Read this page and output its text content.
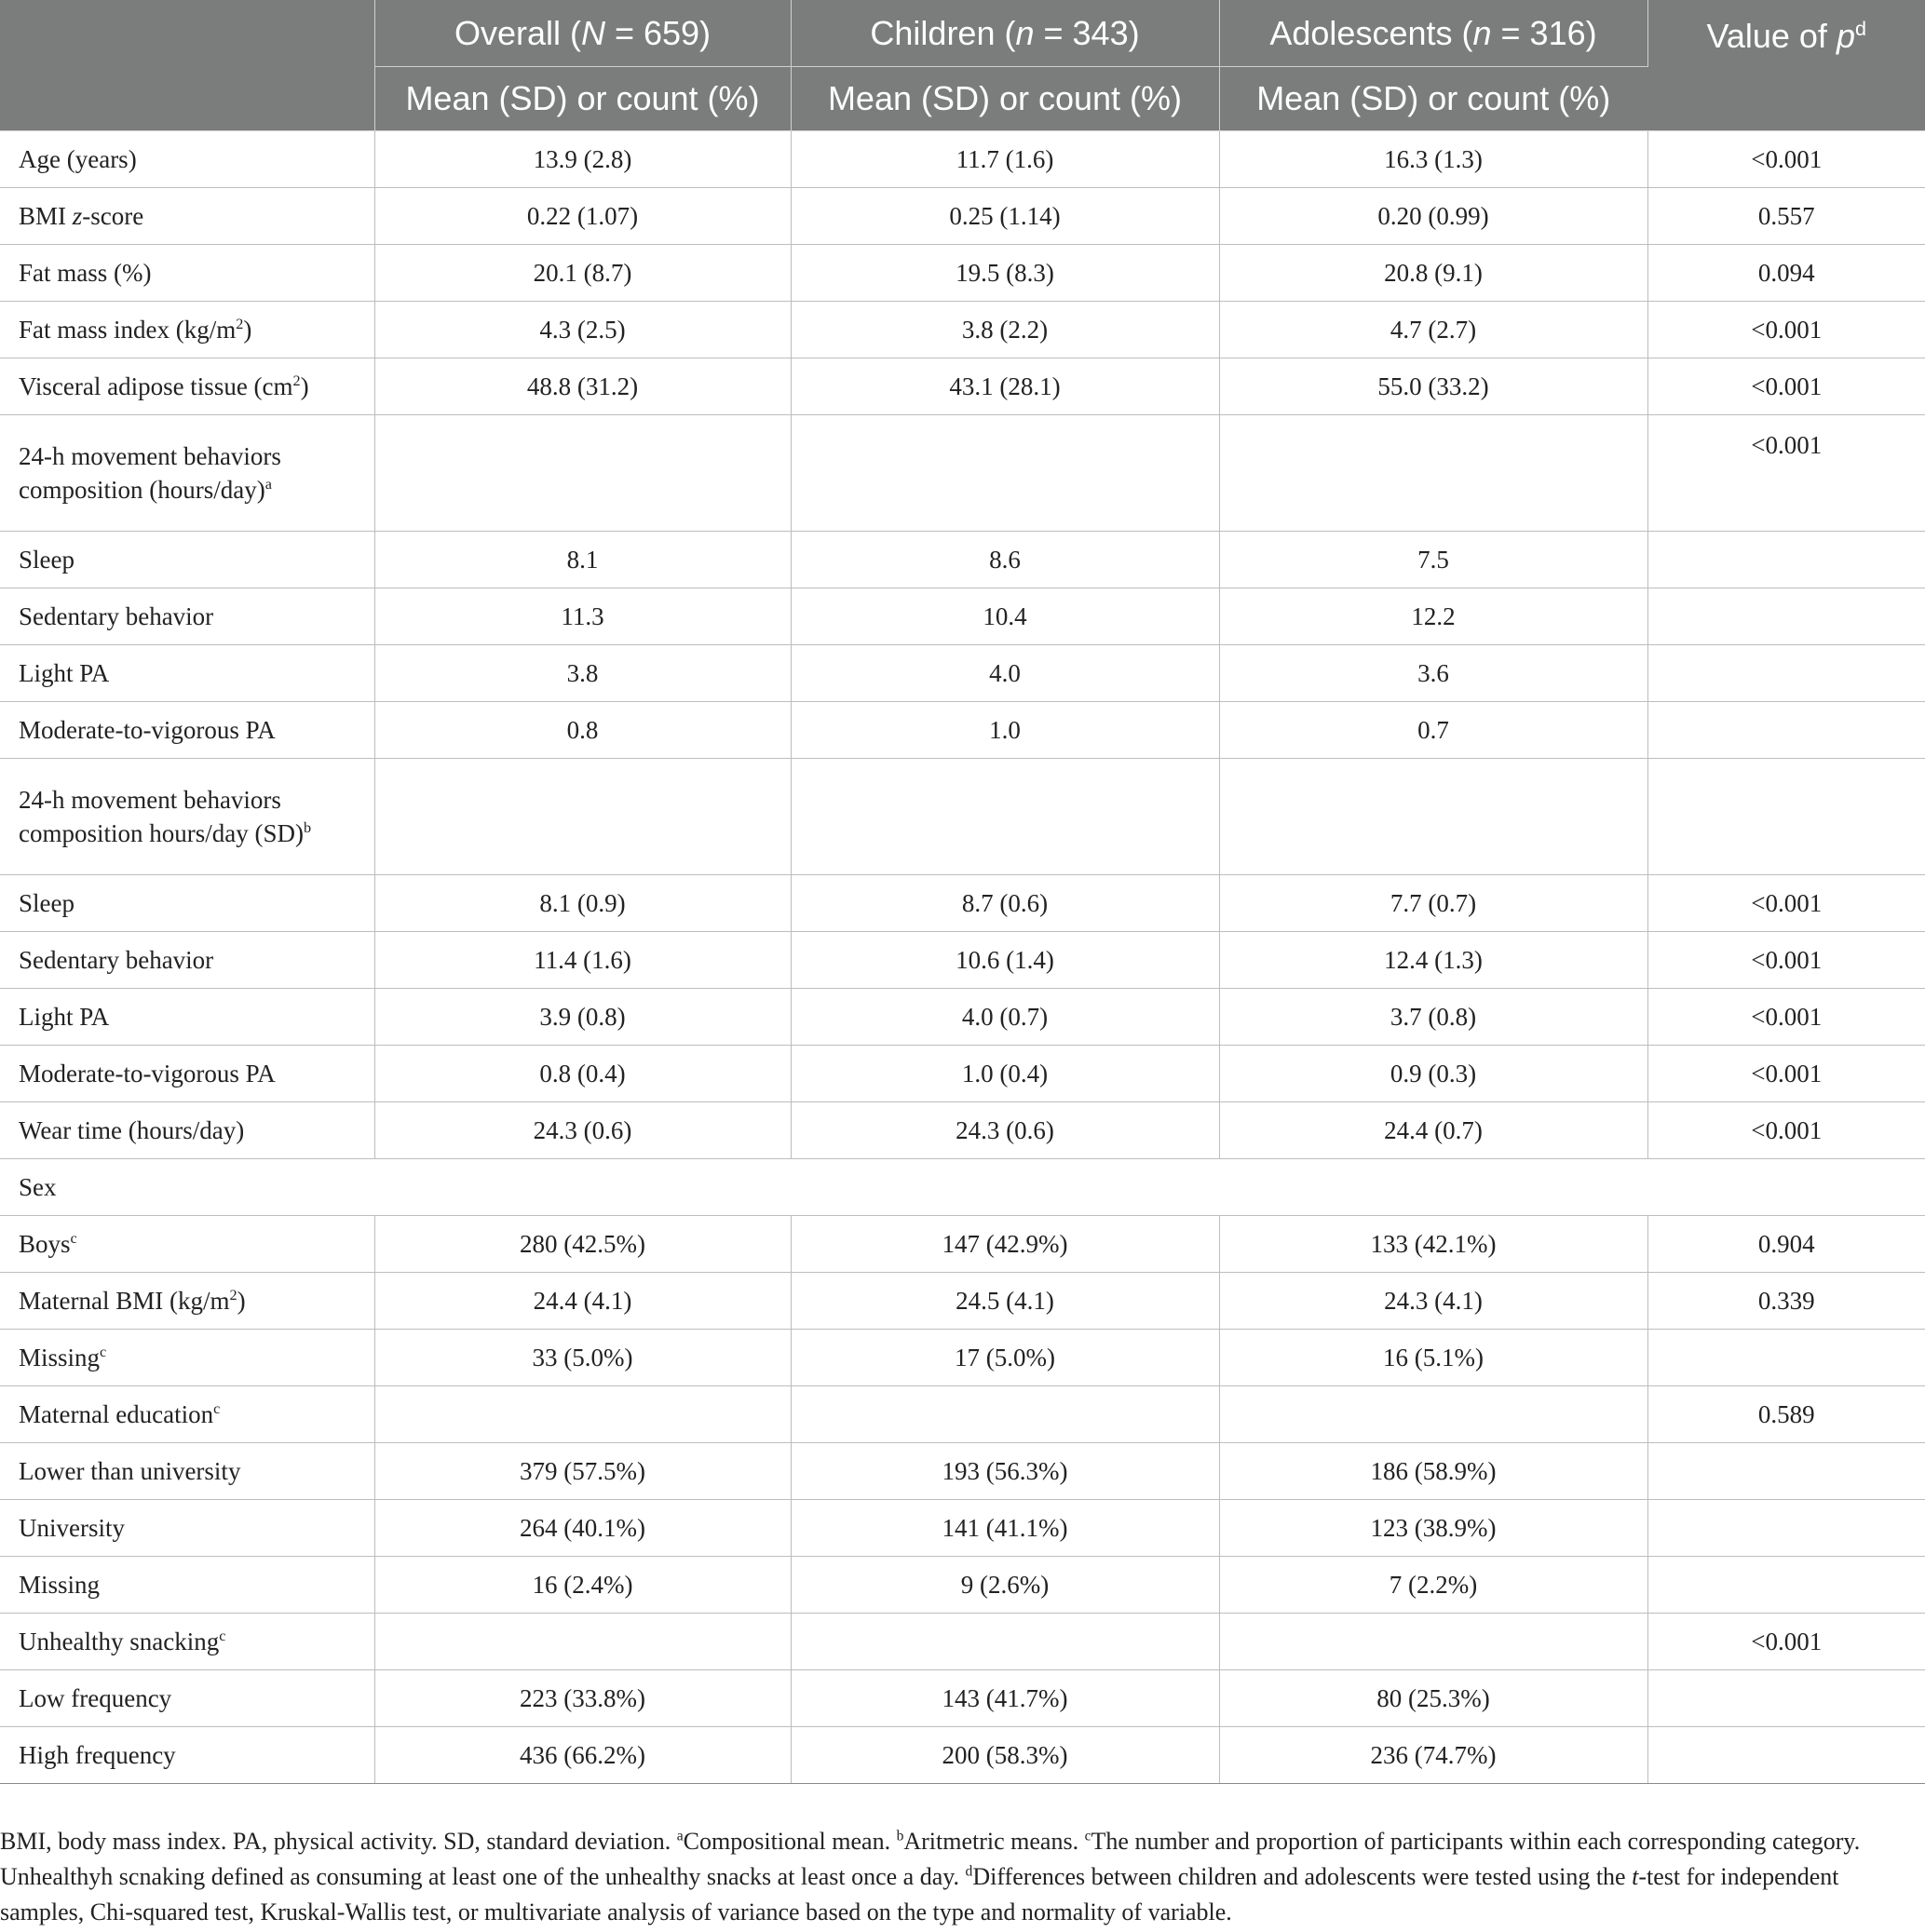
	Overall (N = 659)	Children (n = 343)	Adolescents (n = 316)	Value of $p^d$
	Mean (SD) or count (%)	Mean (SD) or count (%)	Mean (SD) or count (%)	
Age (years)	13.9 (2.8)	11.7 (1.6)	16.3 (1.3)	<0.001
BMI z-score	0.22 (1.07)	0.25 (1.14)	0.20 (0.99)	0.557
Fat mass (%)	20.1 (8.7)	19.5 (8.3)	20.8 (9.1)	0.094
Fat mass index $(kg/m^2)$	4.3 (2.5)	3.8 (2.2)	4.7 (2.7)	<0.001
Visceral adipose tissue $(cm^2)$	48.8 (31.2)	43.1 (28.1)	55.0 (33.2)	<0.001
24-h movement behaviors
composition (hours/day)$^a$				<0.001
Sleep	8.1	8.6	7.5	
Sedentary behavior	11.3	10.4	12.2	
Light PA	3.8	4.0	3.6	
Moderate-to-vigorous PA	0.8	1.0	0.7	
24-h movement behaviors
composition hours/day (SD)$^b$				
Sleep	8.1 (0.9)	8.7 (0.6)	7.7 (0.7)	<0.001
Sedentary behavior	11.4 (1.6)	10.6 (1.4)	12.4 (1.3)	<0.001
Light PA	3.9 (0.8)	4.0 (0.7)	3.7 (0.8)	<0.001
Moderate-to-vigorous PA	0.8 (0.4)	1.0 (0.4)	0.9 (0.3)	<0.001
Wear time (hours/day)	24.3 (0.6)	24.3 (0.6)	24.4 (0.7)	<0.001
Sex				
Boys$^c$	280 (42.5%)	147 (42.9%)	133 (42.1%)	0.904
Maternal BMI $(kg/m^2)$	24.4 (4.1)	24.5 (4.1)	24.3 (4.1)	0.339
Missing$^c$	33 (5.0%)	17 (5.0%)	16 (5.1%)	
Maternal education$^c$				0.589
Lower than university	379 (57.5%)	193 (56.3%)	186 (58.9%)	
University	264 (40.1%)	141 (41.1%)	123 (38.9%)	
Missing	16 (2.4%)	9 (2.6%)	7 (2.2%)	
Unhealthy snacking$^c$				<0.001
Low frequency	223 (33.8%)	143 (41.7%)	80 (25.3%)	
High frequency	436 (66.2%)	200 (58.3%)	236 (74.7%)	
BMI, body mass index. PA, physical activity. SD, standard deviation. $^a$Compositional mean. $^b$Aritmetric means. $^c$The number and proportion of participants within each corresponding category. Unhealthyh scnaking defined as consuming at least one of the unhealthy snacks at least once a day. $^d$Differences between children and adolescents were tested using the t-test for independent samples, Chi-squared test, Kruskal-Wallis test, or multivariate analysis of variance based on the type and normality of variable.
